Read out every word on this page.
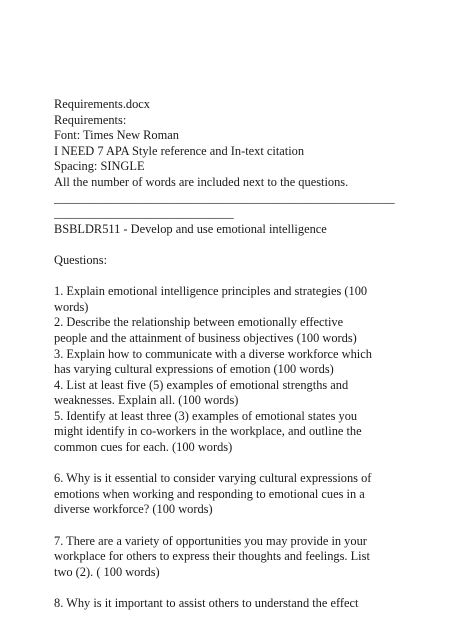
Requirements.docx
Requirements:
Font: Times New Roman
I NEED 7 APA Style reference and In-text citation
Spacing: SINGLE
All the number of words are included next to the questions.
_______________________________________________________
_____________________________
BSBLDR511 - Develop and use emotional intelligence
Questions:
1. Explain emotional intelligence principles and strategies (100
words)
2. Describe the relationship between emotionally effective
people and the attainment of business objectives (100 words)
3. Explain how to communicate with a diverse workforce which
has varying cultural expressions of emotion (100 words)
4. List at least five (5) examples of emotional strengths and
weaknesses. Explain all. (100 words)
5. Identify at least three (3) examples of emotional states you
might identify in co-workers in the workplace, and outline the
common cues for each. (100 words)
6. Why is it essential to consider varying cultural expressions of
emotions when working and responding to emotional cues in a
diverse workforce? (100 words)
7. There are a variety of opportunities you may provide in your
workplace for others to express their thoughts and feelings. List
two (2). ( 100 words)
8. Why is it important to assist others to understand the effect
